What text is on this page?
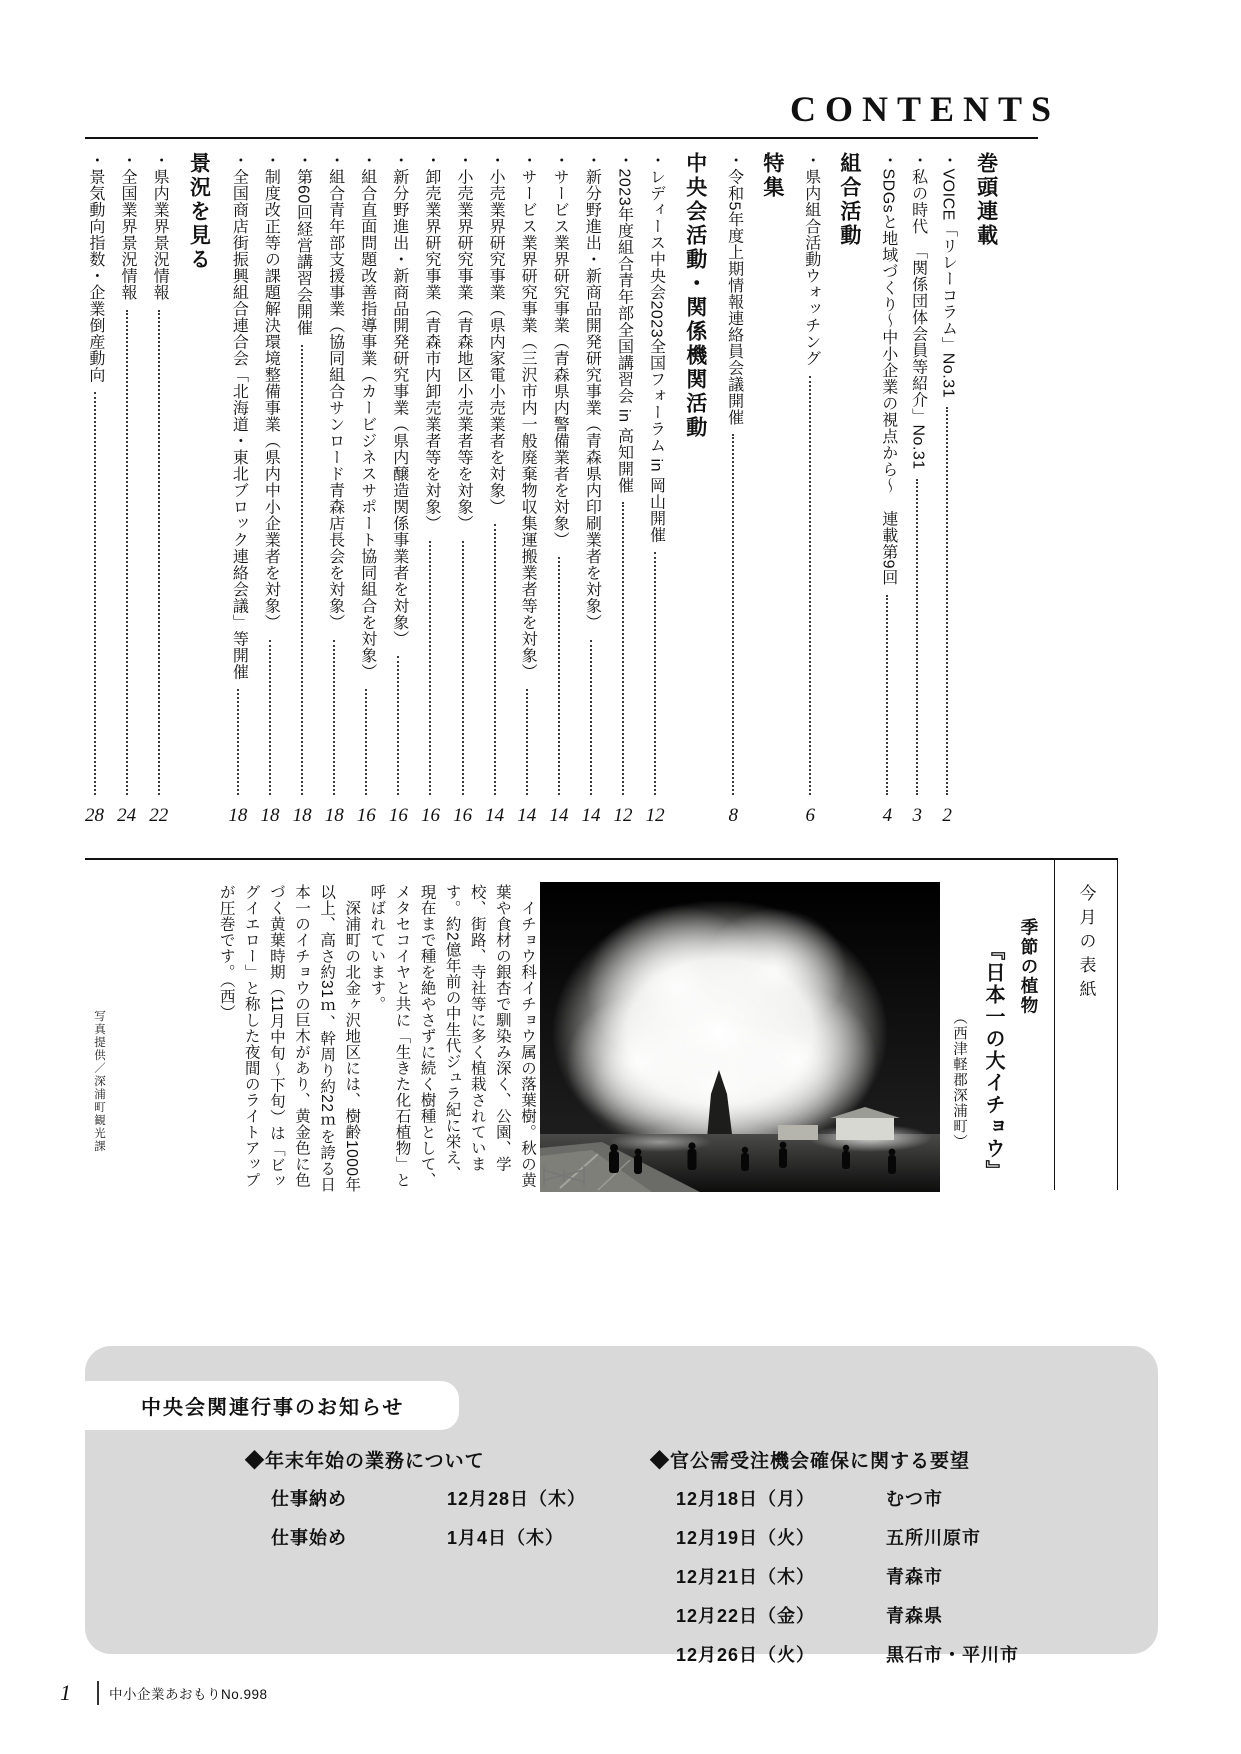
CONTENTS
巻頭連載
・VOICE「リレーコラム」No.31
2
・私の時代　「関係団体会員等紹介」No.31
3
・SDGsと地域づくり～中小企業の視点から～　連載第9回
4
組合活動
・県内組合活動ウォッチング
6
特集
・令和5年度上期情報連絡員会議開催
8
中央会活動・関係機関活動
・レディース中央会2023全国フォーラム in 岡山開催
12
・2023年度組合青年部全国講習会 in 高知開催
12
・新分野進出・新商品開発研究事業（青森県内印刷業者を対象）
14
・サービス業界研究事業（青森県内警備業者を対象）
14
・サービス業界研究事業（三沢市内一般廃棄物収集運搬業者等を対象）
14
・小売業界研究事業（県内家電小売業者を対象）
14
・小売業界研究事業（青森地区小売業者等を対象）
16
・卸売業界研究事業（青森市内卸売業者等を対象）
16
・新分野進出・新商品開発研究事業（県内醸造関係事業者を対象）
16
・組合直面問題改善指導事業（カービジネスサポート協同組合を対象）
16
・組合青年部支援事業（協同組合サンロード青森店長会を対象）
18
・第60回経営講習会開催
18
・制度改正等の課題解決環境整備事業（県内中小企業者を対象）
18
・全国商店街振興組合連合会「北海道・東北ブロック連絡会議」等開催
18
景況を見る
・県内業界景況情報
22
・全国業界景況情報
24
・景気動向指数・企業倒産動向
28
今月の表紙
季節の植物
『日本一の大イチョウ』
（西津軽郡深浦町）

　イチョウ科イチョウ属の落葉樹。秋の黄葉や食材の銀杏で馴染み深く、公園、学校、街路、寺社等に多く植栽されています。約2億年前の中生代ジュラ紀に栄え、現在まで種を絶やさずに続く樹種として、メタセコイヤと共に「生きた化石植物」と呼ばれています。

　深浦町の北金ヶ沢地区には、樹齢1000年以上、高さ約31ｍ、幹周り約22ｍを誇る日本一のイチョウの巨木があり、黄金色に色づく黄葉時期（11月中旬～下旬）は「ビッグイエロー」と称した夜間のライトアップが圧巻です。（西）

写真提供／深浦町観光課
中央会関連行事のお知らせ
◆年末年始の業務について
仕事納め	12月28日（木）
仕事始め	1月4日（木）
◆官公需受注機会確保に関する要望
12月18日（月）	むつ市
12月19日（火）	五所川原市
12月21日（木）	青森市
12月22日（金）	青森県
12月26日（火）	黒石市・平川市
1	中小企業あおもりNo.998
